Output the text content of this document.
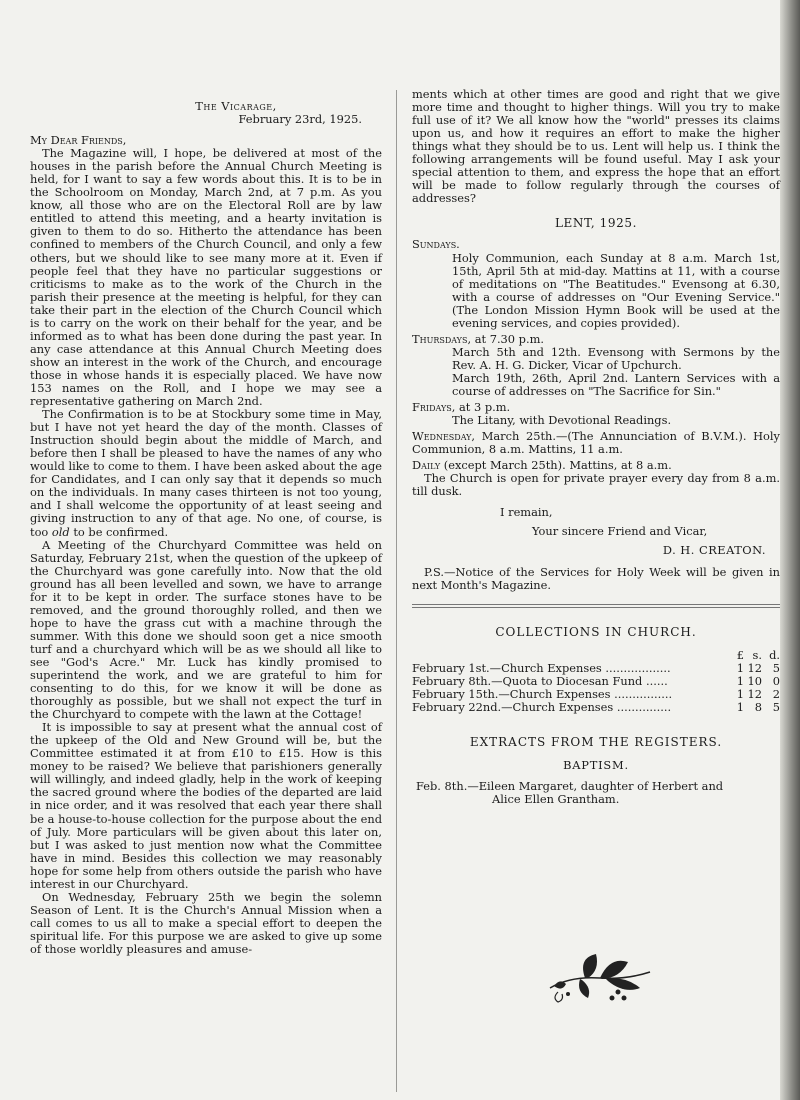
The Vicarage,

February 23rd, 1925.

My Dear Friends,

The Magazine will, I hope, be delivered at most of the houses in the parish before the Annual Church Meeting is held, for I want to say a few words about this. It is to be in the Schoolroom on Monday, March 2nd, at 7 p.m. As you know, all those who are on the Electoral Roll are by law entitled to attend this meeting, and a hearty invitation is given to them to do so. Hitherto the attendance has been confined to members of the Church Council, and only a few others, but we should like to see many more at it. Even if people feel that they have no particular suggestions or criticisms to make as to the work of the Church in the parish their presence at the meeting is helpful, for they can take their part in the election of the Church Council which is to carry on the work on their behalf for the year, and be informed as to what has been done during the past year. In any case attendance at this Annual Church Meeting does show an interest in the work of the Church, and encourage those in whose hands it is especially placed. We have now 153 names on the Roll, and I hope we may see a representative gathering on March 2nd.

The Confirmation is to be at Stockbury some time in May, but I have not yet heard the day of the month. Classes of Instruction should begin about the middle of March, and before then I shall be pleased to have the names of any who would like to come to them. I have been asked about the age for Candidates, and I can only say that it depends so much on the individuals. In many cases thirteen is not too young, and I shall welcome the opportunity of at least seeing and giving instruction to any of that age. No one, of course, is too old to be confirmed.

A Meeting of the Churchyard Committee was held on Saturday, February 21st, when the question of the upkeep of the Churchyard was gone carefully into. Now that the old ground has all been levelled and sown, we have to arrange for it to be kept in order. The surface stones have to be removed, and the ground thoroughly rolled, and then we hope to have the grass cut with a machine through the summer. With this done we should soon get a nice smooth turf and a churchyard which will be as we should all like to see "God's Acre." Mr. Luck has kindly promised to superintend the work, and we are grateful to him for consenting to do this, for we know it will be done as thoroughly as possible, but we shall not expect the turf in the Churchyard to compete with the lawn at the Cottage!

It is impossible to say at present what the annual cost of the upkeep of the Old and New Ground will be, but the Committee estimated it at from £10 to £15. How is this money to be raised? We believe that parishioners generally will willingly, and indeed gladly, help in the work of keeping the sacred ground where the bodies of the departed are laid in nice order, and it was resolved that each year there shall be a house-to-house collection for the purpose about the end of July. More particulars will be given about this later on, but I was asked to just mention now what the Committee have in mind. Besides this collection we may reasonably hope for some help from others outside the parish who have interest in our Churchyard.

On Wednesday, February 25th we begin the solemn Season of Lent. It is the Church's Annual Mission when a call comes to us all to make a special effort to deepen the spiritual life. For this purpose we are asked to give up some of those worldly pleasures and amuse-

ments which at other times are good and right that we give more time and thought to higher things. Will you try to make full use of it? We all know how the "world" presses its claims upon us, and how it requires an effort to make the higher things what they should be to us. Lent will help us. I think the following arrangements will be found useful. May I ask your special attention to them, and express the hope that an effort will be made to follow regularly through the courses of addresses?

LENT, 1925.

Sundays.

Holy Communion, each Sunday at 8 a.m. March 1st, 15th, April 5th at mid-day. Mattins at 11, with a course of meditations on "The Beatitudes." Evensong at 6.30, with a course of addresses on "Our Evening Service." (The London Mission Hymn Book will be used at the evening services, and copies provided).

Thursdays, at 7.30 p.m.

March 5th and 12th. Evensong with Sermons by the Rev. A. H. G. Dicker, Vicar of Upchurch.

March 19th, 26th, April 2nd. Lantern Services with a course of addresses on "The Sacrifice for Sin."

Fridays, at 3 p.m.

The Litany, with Devotional Readings.

Wednesday, March 25th.—(The Annunciation of B.V.M.). Holy Communion, 8 a.m. Mattins, 11 a.m.

Daily (except March 25th). Mattins, at 8 a.m.

The Church is open for private prayer every day from 8 a.m. till dusk.

I remain,

Your sincere Friend and Vicar,

D. H. CREATON.

P.S.—Notice of the Services for Holy Week will be given in next Month's Magazine.

COLLECTIONS IN CHURCH.

	£	s.	d.
February 1st.—Church Expenses ..................	1	12	5
February 8th.—Quota to Diocesan Fund ......	1	10	0
February 15th.—Church Expenses ................	1	12	2
February 22nd.—Church Expenses ...............	1	8	5

EXTRACTS FROM THE REGISTERS.

BAPTISM.

Feb. 8th.—Eileen Margaret, daughter of Herbert and

Alice Ellen Grantham.
